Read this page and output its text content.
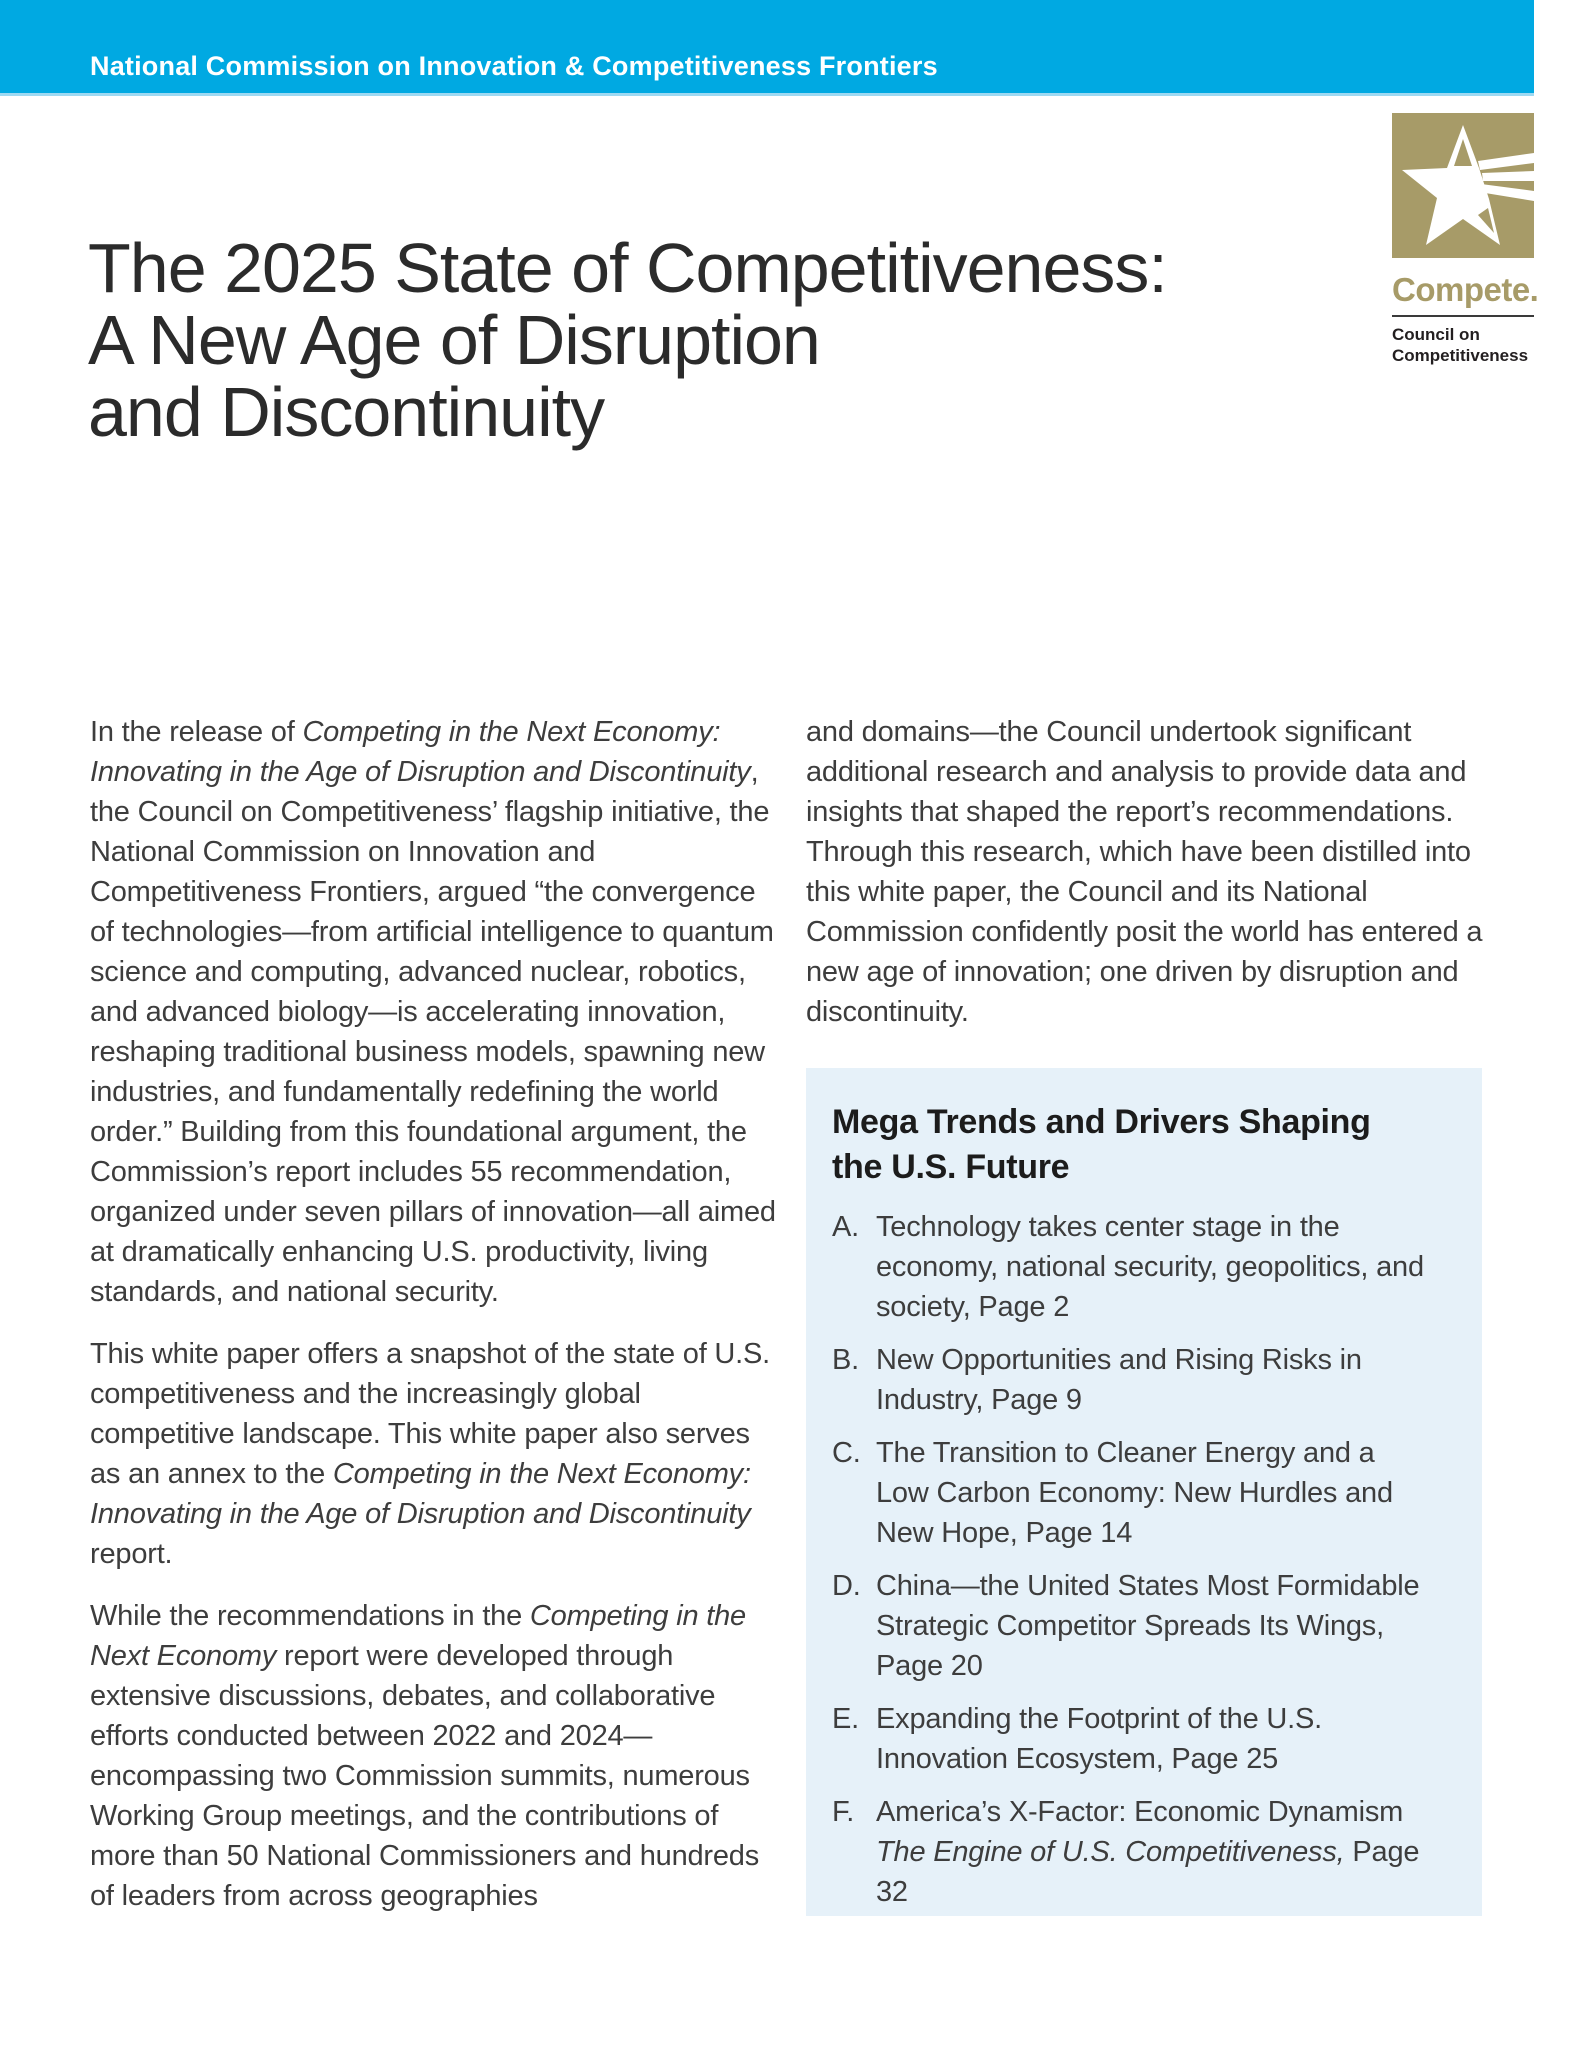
National Commission on Innovation & Competitiveness Frontiers
Compete.
Council on
Competitiveness
The 2025 State of Competitiveness:
A New Age of Disruption
and Discontinuity

In the release of Competing in the Next Economy: Innovating in the Age of Disruption and Discontinuity, the Council on Competitiveness’ flagship initiative, the National Commission on Innovation and Competitiveness Frontiers, argued “the convergence of technologies—from artificial intelligence to quantum science and computing, advanced nuclear, robotics, and advanced biology—is accelerating innovation, reshaping traditional business models, spawning new industries, and fundamentally redefining the world order.” Building from this foundational argument, the Commission’s report includes 55 recommendation, organized under seven pillars of innovation—all aimed at dramatically enhancing U.S. productivity, living standards, and national security.

This white paper offers a snapshot of the state of U.S. competitiveness and the increasingly global competitive landscape. This white paper also serves as an annex to the Competing in the Next Economy: Innovating in the Age of Disruption and Discontinuity report.

While the recommendations in the Competing in the Next Economy report were developed through extensive discussions, debates, and collaborative efforts conducted between 2022 and 2024—encompassing two Commission summits, numerous Working Group meetings, and the contributions of more than 50 National Commissioners and hundreds of leaders from across geographies

and domains—the Council undertook significant additional research and analysis to provide data and insights that shaped the report’s recommendations. Through this research, which have been distilled into this white paper, the Council and its National Commission confidently posit the world has entered a new age of innovation; one driven by disruption and discontinuity.

Mega Trends and Drivers Shaping the U.S. Future
A. Technology takes center stage in the economy, national security, geopolitics, and society, Page 2
B. New Opportunities and Rising Risks in Industry, Page 9
C. The Transition to Cleaner Energy and a Low Carbon Economy: New Hurdles and New Hope, Page 14
D. China—the United States Most Formidable Strategic Competitor Spreads Its Wings, Page 20
E. Expanding the Footprint of the U.S. Innovation Ecosystem, Page 25
F. America’s X-Factor: Economic Dynamism The Engine of U.S. Competitiveness, Page 32
